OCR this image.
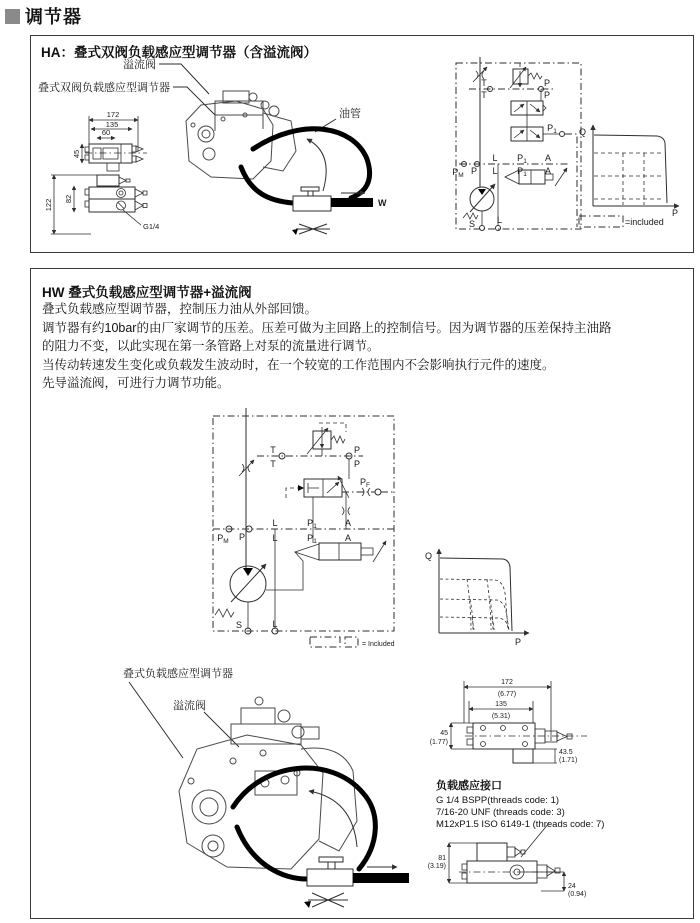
调节器
HA：叠式双阀负载感应型调节器（含溢流阀）
溢流阀
叠式双阀负载感应型调节器
油管
W
172
135
60
45
122 82
G1/4
T
T
P
P
$P_1$
$P_M$ P
L
L
$P_1$
$P_1$
A
A
S L
Q
P
=included
HW 叠式负载感应型调节器+溢流阀
叠式负载感应型调节器，控制压力油从外部回馈。
调节器有约10bar的由厂家调节的压差。压差可做为主回路上的控制信号。因为调节器的压差保持主油路
的阻力不变，以此实现在第一条管路上对泵的流量进行调节。
当传动转速发生变化或负载发生波动时，在一个较宽的工作范围内不会影响执行元件的速度。
先导溢流阀，可进行力调节功能。
负载感应接口
G 1/4 BSPP(threads code: 1)
7/16-20 UNF (threads code: 3)
M12xP1.5 ISO 6149-1 (threads code: 7)
T
T
P
P
$P_F$
$P_M$ P
L
L
$P_1$
$P_1$
A
A
S	L
= Included
Q
P
叠式负载感应型调节器
溢流阀
172
(6.77)
135
(5.31)
45
(1.77)
43.5
(1.71)
81
(3.19)
24
(0.94)
